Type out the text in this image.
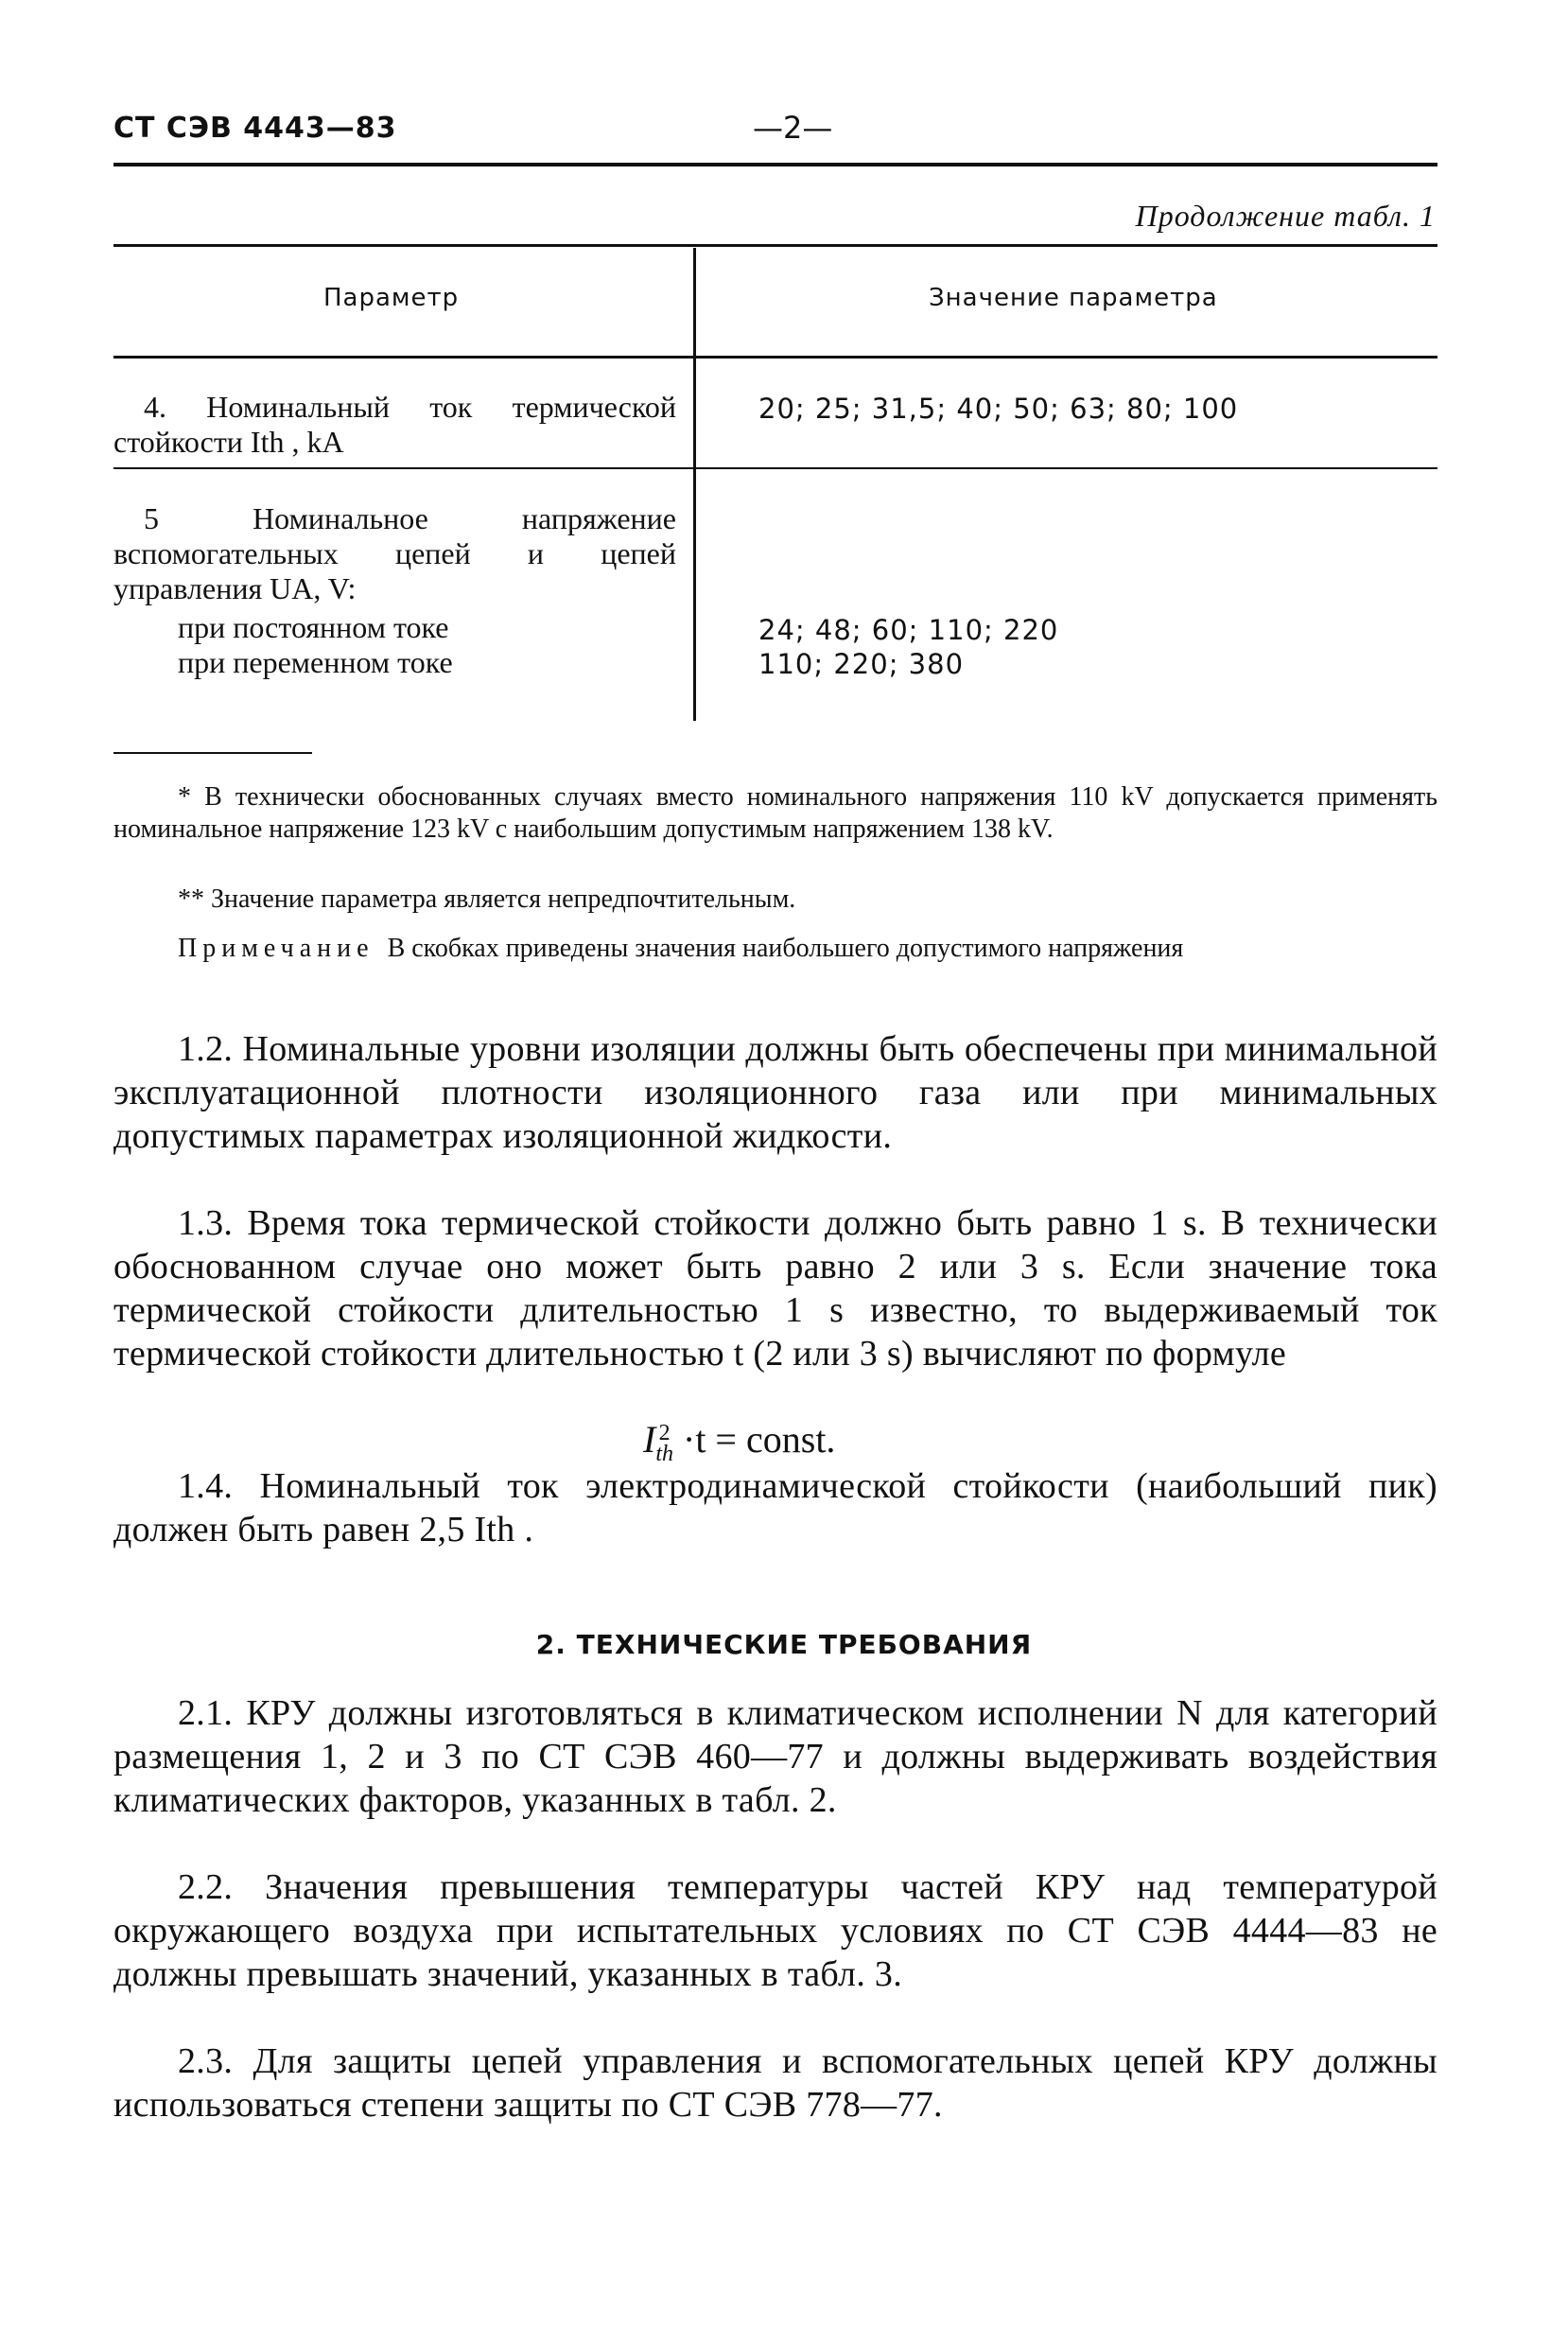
СТ СЭВ 4443—83	—2—
Продолжение табл. 1
Параметр	Значение параметра
4. Номинальный ток термической стойкости Ith , kA
20; 25; 31,5; 40; 50; 63; 80; 100
5 Номинальное напряжение вспомогательных цепей и цепей управления UA, V:
при постоянном токе
при переменном токе
24; 48; 60; 110; 220
110; 220; 380
* В технически обоснованных случаях вместо номинального напряжения 110 kV допускается применять номинальное напряжение 123 kV с наибольшим допустимым напряжением 138 kV.
** Значение параметра является непредпочтительным.
Примечание В скобках приведены значения наибольшего допустимого напряжения
1.2. Номинальные уровни изоляции должны быть обеспечены при минимальной эксплуатационной плотности изоляционного газа или при минимальных допустимых параметрах изоляционной жидкости.
1.3. Время тока термической стойкости должно быть равно 1 s. В технически обоснованном случае оно может быть равно 2 или 3 s. Если значение тока термической стойкости длительностью 1 s известно, то выдерживаемый ток термической стойкости длительностью t (2 или 3 s) вычисляют по формуле
I 2
th ·t = const.
1.4. Номинальный ток электродинамической стойкости (наибольший пик) должен быть равен 2,5 Ith .
2. ТЕХНИЧЕСКИЕ ТРЕБОВАНИЯ
2.1. КРУ должны изготовляться в климатическом исполнении N для категорий размещения 1, 2 и 3 по СТ СЭВ 460—77 и должны выдерживать воздействия климатических факторов, указанных в табл. 2.
2.2. Значения превышения температуры частей КРУ над температурой окружающего воздуха при испытательных условиях по СТ СЭВ 4444—83 не должны превышать значений, указанных в табл. 3.
2.3. Для защиты цепей управления и вспомогательных цепей КРУ должны использоваться степени защиты по СТ СЭВ 778—77.
